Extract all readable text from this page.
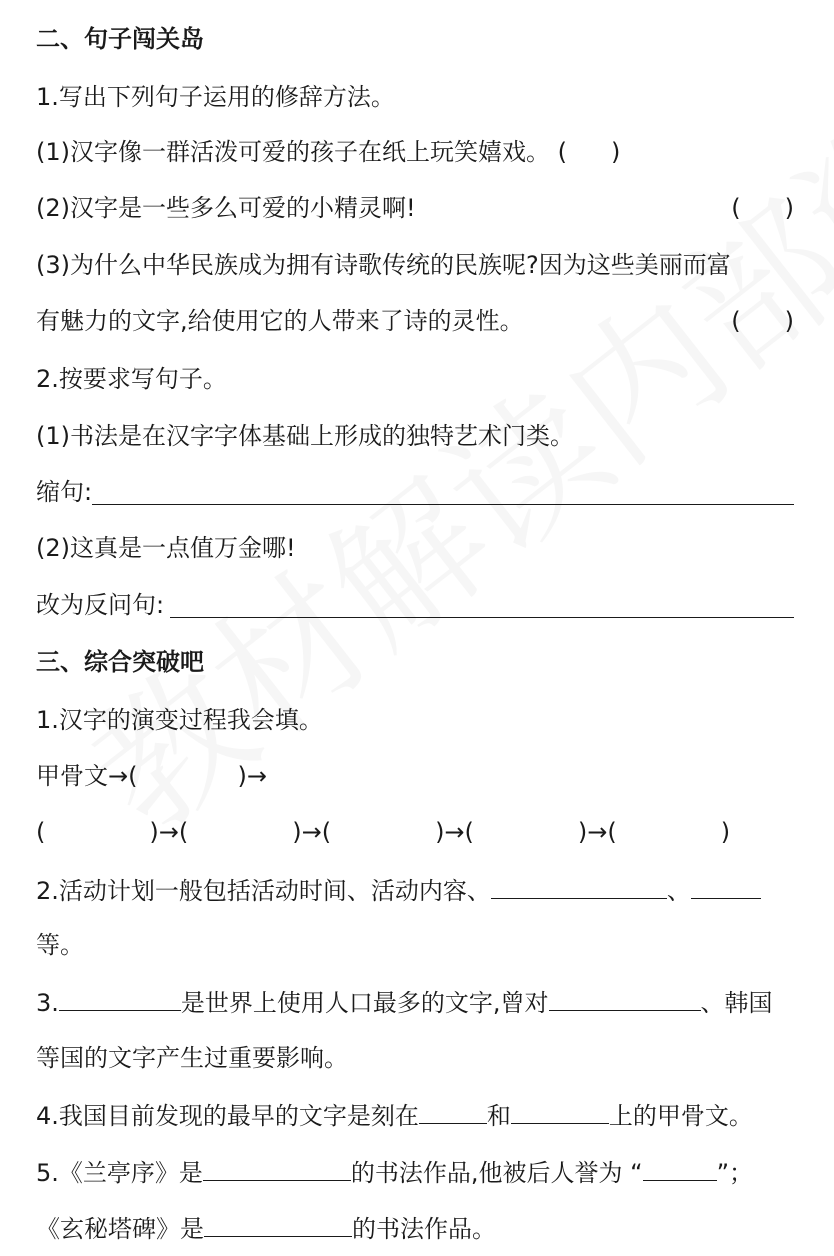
二、句子闯关岛
1.写出下列句子运用的修辞方法。
(1)汉字像一群活泼可爱的孩子在纸上玩笑嬉戏。 ( )
(2)汉字是一些多么可爱的小精灵啊!	( )
(3)为什么中华民族成为拥有诗歌传统的民族呢?因为这些美丽而富
有魅力的文字,给使用它的人带来了诗的灵性。	( )
2.按要求写句子。
(1)书法是在汉字字体基础上形成的独特艺术门类。
缩句:
(2)这真是一点值万金哪!
改为反问句:
三、综合突破吧
1.汉字的演变过程我会填。
甲骨文→(	)→
(	)→(	)→(	)→(	)→(	)
2.活动计划一般包括活动时间、活动内容、	、
等。
3.	是世界上使用人口最多的文字,曾对	、韩国
等国的文字产生过重要影响。
4.我国目前发现的最早的文字是刻在	和	上的甲骨文。
5.《兰亭序》是	的书法作品,他被后人誉为 “	”；
《玄秘塔碑》是	的书法作品。
